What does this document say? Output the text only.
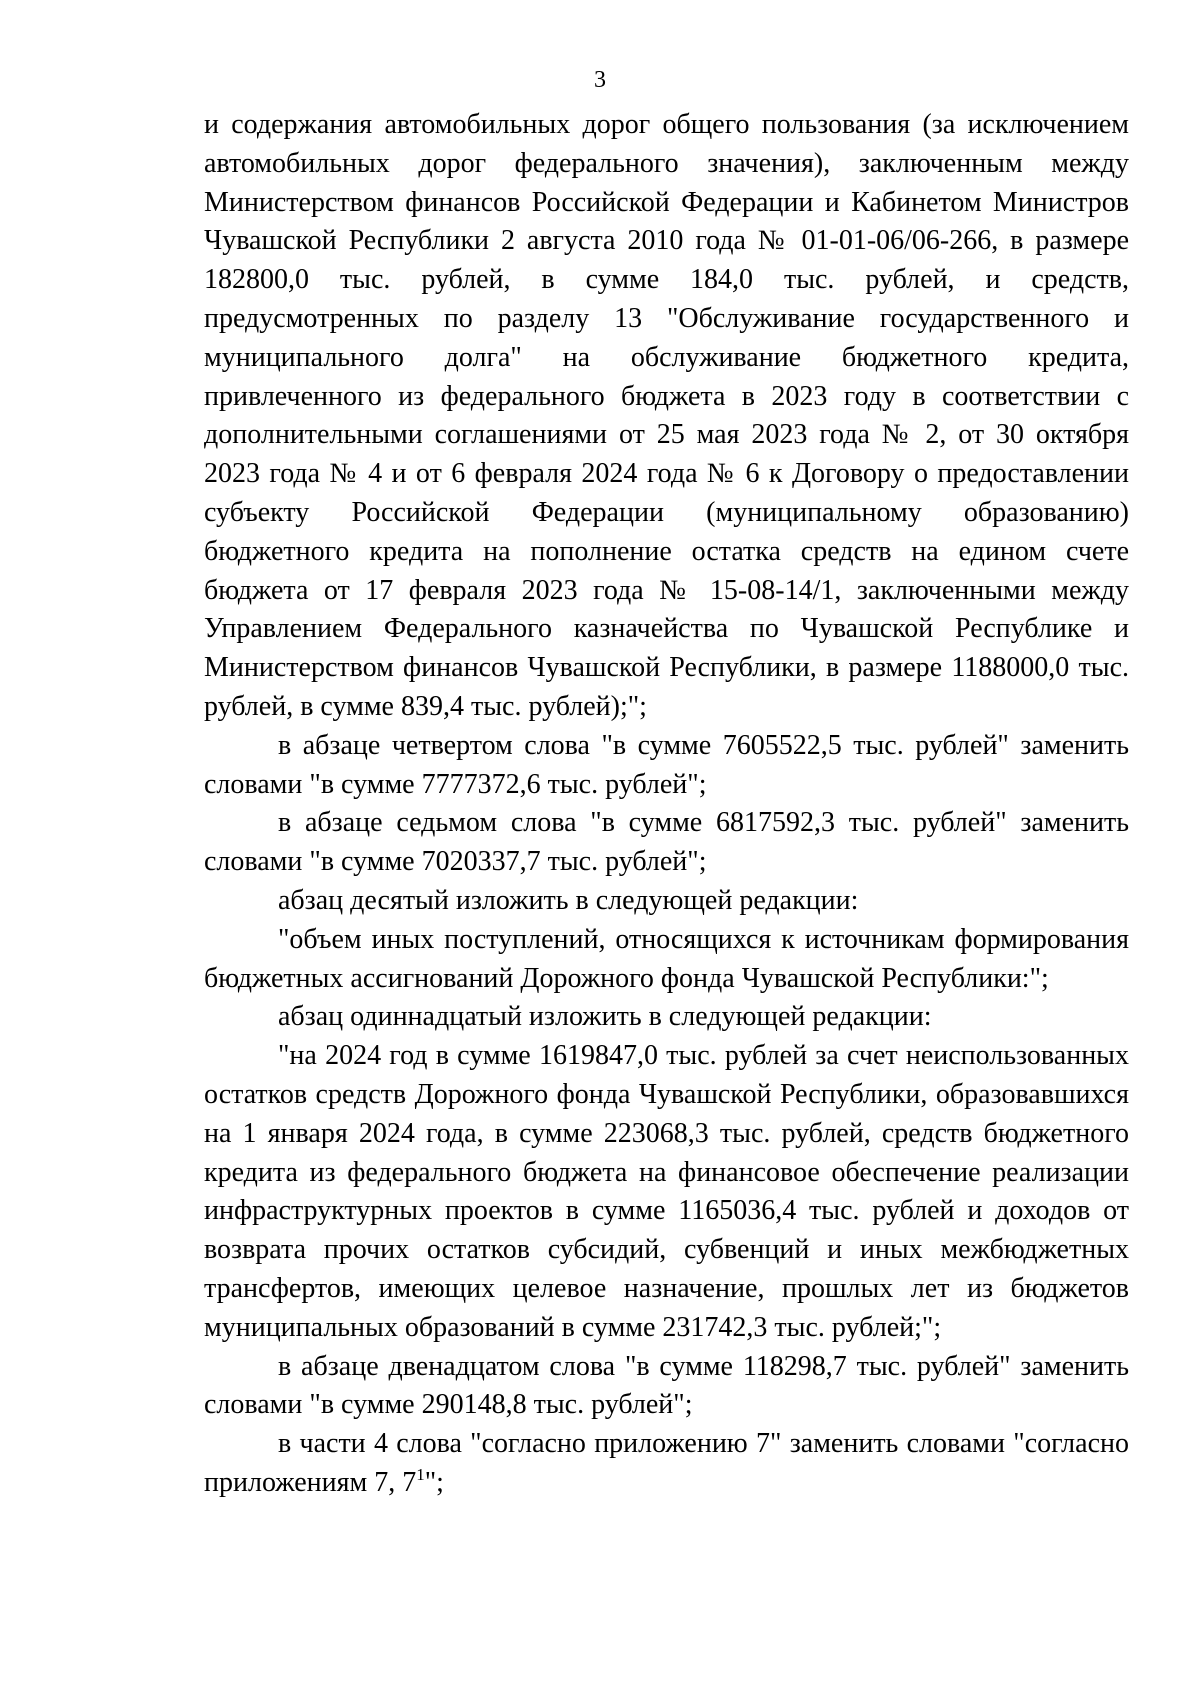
3

и содержания автомобильных дорог общего пользования (за исключением автомобильных дорог федерального значения), заключенным между Министерством финансов Российской Федерации и Кабинетом Министров Чувашской Республики 2 августа 2010 года № 01-01-06/06-266, в размере 182800,0 тыс. рублей, в сумме 184,0 тыс. рублей, и средств, предусмотренных по разделу 13 "Обслуживание государственного и муниципального долга" на обслуживание бюджетного кредита, привлеченного из федерального бюджета в 2023 году в соответствии с дополнительными соглашениями от 25 мая 2023 года № 2, от 30 октября 2023 года № 4 и от 6 февраля 2024 года № 6 к Договору о предоставлении субъекту Российской Федерации (муниципальному образованию) бюджетного кредита на пополнение остатка средств на едином счете бюджета от 17 февраля 2023 года № 15-08-14/1, заключенными между Управлением Федерального казначейства по Чувашской Республике и Министерством финансов Чувашской Республики, в размере 1188000,0 тыс. рублей, в сумме 839,4 тыс. рублей);";

в абзаце четвертом слова "в сумме 7605522,5 тыс. рублей" заменить словами "в сумме 7777372,6 тыс. рублей";

в абзаце седьмом слова "в сумме 6817592,3 тыс. рублей" заменить словами "в сумме 7020337,7 тыс. рублей";

абзац десятый изложить в следующей редакции:

"объем иных поступлений, относящихся к источникам формирования бюджетных ассигнований Дорожного фонда Чувашской Республики:";

абзац одиннадцатый изложить в следующей редакции:

"на 2024 год в сумме 1619847,0 тыс. рублей за счет неиспользованных остатков средств Дорожного фонда Чувашской Республики, образовавшихся на 1 января 2024 года, в сумме 223068,3 тыс. рублей, средств бюджетного кредита из федерального бюджета на финансовое обеспечение реализации инфраструктурных проектов в сумме 1165036,4 тыс. рублей и доходов от возврата прочих остатков субсидий, субвенций и иных межбюджетных трансфертов, имеющих целевое назначение, прошлых лет из бюджетов муниципальных образований в сумме 231742,3 тыс. рублей;";

в абзаце двенадцатом слова "в сумме 118298,7 тыс. рублей" заменить словами "в сумме 290148,8 тыс. рублей";

в части 4 слова "согласно приложению 7" заменить словами "согласно приложениям 7, $7^1$";
